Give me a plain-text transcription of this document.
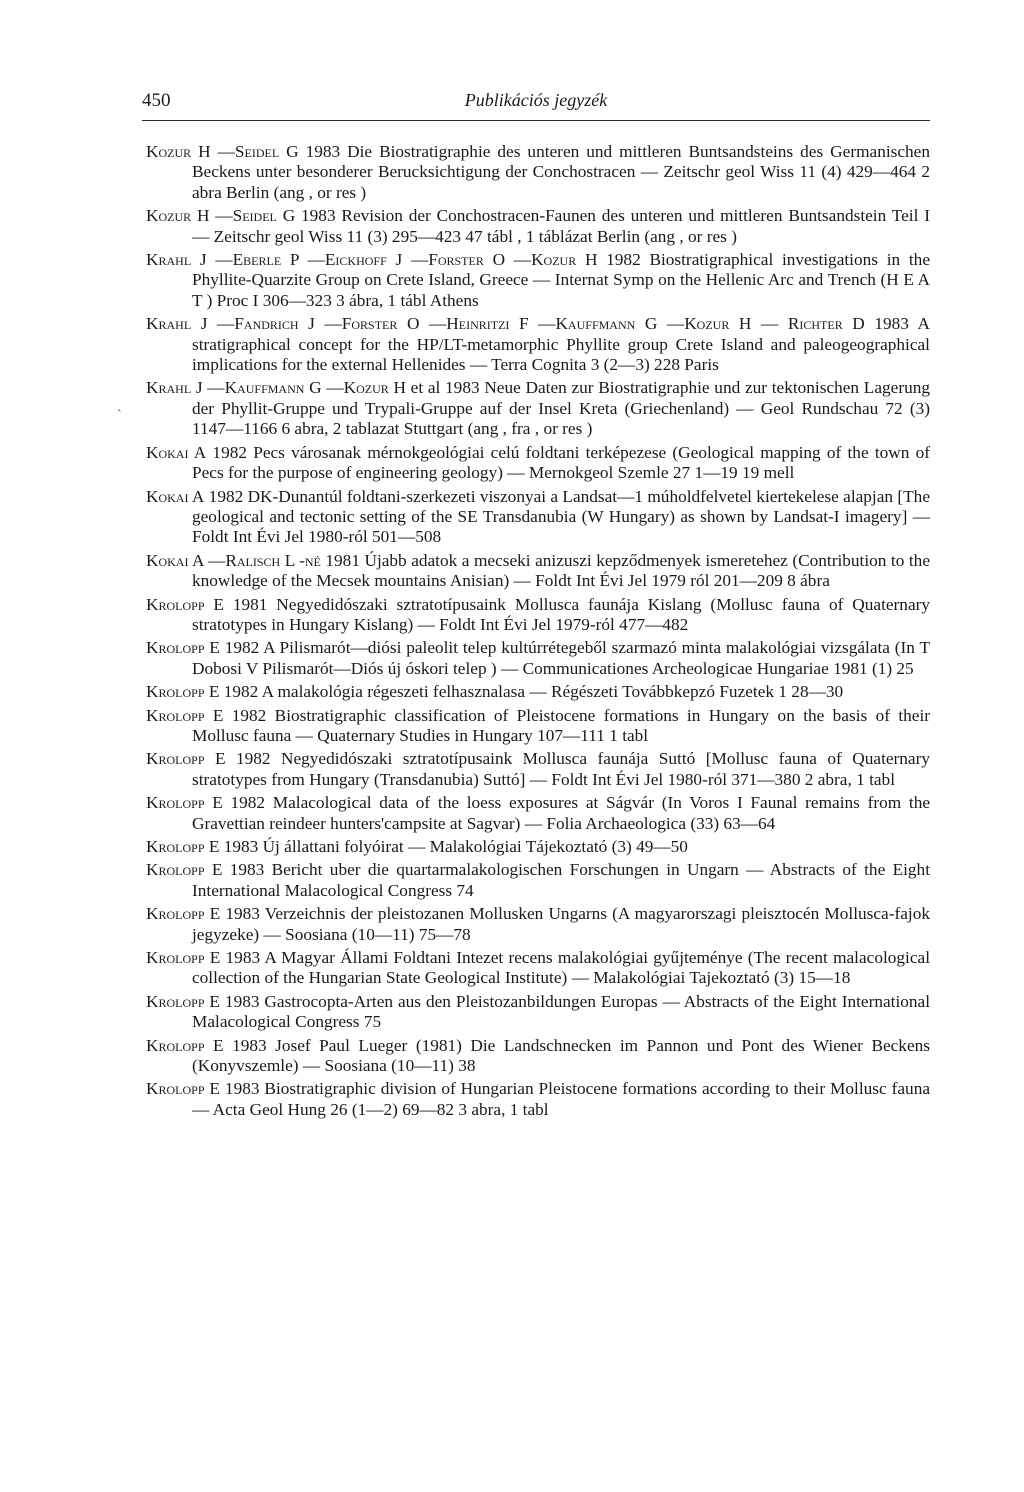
450	Publikációs jegyzék
`

Kozur H —Seidel G 1983 Die Biostratigraphie des unteren und mittleren Buntsandsteins des Germanischen Beckens unter besonderer Berucksichtigung der Conchostracen — Zeitschr geol Wiss 11 (4) 429—464 2 abra Berlin (ang , or res )

Kozur H —Seidel G 1983 Revision der Conchostracen-Faunen des unteren und mittleren Buntsandstein Teil I — Zeitschr geol Wiss 11 (3) 295—423 47 tábl , 1 táblázat Berlin (ang , or res )

Krahl J —Eberle P —Eickhoff J —Forster O —Kozur H 1982 Biostratigraphical investigations in the Phyllite-Quarzite Group on Crete Island, Greece — Internat Symp on the Hellenic Arc and Trench (H E A T ) Proc I 306—323 3 ábra, 1 tábl Athens

Krahl J —Fandrich J —Forster O —Heinritzi F —Kauffmann G —Kozur H — Richter D 1983 A stratigraphical concept for the HP/LT-metamorphic Phyllite group Crete Island and paleogeographical implications for the external Hellenides — Terra Cognita 3 (2—3) 228 Paris

Krahl J —Kauffmann G —Kozur H et al 1983 Neue Daten zur Biostratigraphie und zur tektonischen Lagerung der Phyllit-Gruppe und Trypali-Gruppe auf der Insel Kreta (Griechenland) — Geol Rundschau 72 (3) 1147—1166 6 abra, 2 tablazat Stuttgart (ang , fra , or res )

Kokai A 1982 Pecs városanak mérnokgeológiai celú foldtani terképezese (Geological mapping of the town of Pecs for the purpose of engineering geology) — Mernokgeol Szemle 27 1—19 19 mell

Kokai A 1982 DK-Dunantúl foldtani-szerkezeti viszonyai a Landsat—1 múholdfelvetel kiertekelese alapjan [The geological and tectonic setting of the SE Transdanubia (W Hungary) as shown by Landsat-I imagery] — Foldt Int Évi Jel 1980-ról 501—508

Kokai A —Ralisch L -né 1981 Újabb adatok a mecseki anizuszi kepződmenyek ismeretehez (Contribution to the knowledge of the Mecsek mountains Anisian) — Foldt Int Évi Jel 1979 ról 201—209 8 ábra

Krolopp E 1981 Negyedidószaki sztratotípusaink Mollusca faunája Kislang (Mollusc fauna of Quaternary stratotypes in Hungary Kislang) — Foldt Int Évi Jel 1979-ról 477—482

Krolopp E 1982 A Pilismarót—diósi paleolit telep kultúrrétegeből szarmazó minta malakológiai vizsgálata (In T Dobosi V Pilismarót—Diós új óskori telep ) — Communicationes Archeologicae Hungariae 1981 (1) 25

Krolopp E 1982 A malakológia régeszeti felhasznalasa — Régészeti Továbbkepzó Fuzetek 1 28—30

Krolopp E 1982 Biostratigraphic classification of Pleistocene formations in Hungary on the basis of their Mollusc fauna — Quaternary Studies in Hungary 107—111 1 tabl

Krolopp E 1982 Negyedidószaki sztratotípusaink Mollusca faunája Suttó [Mollusc fauna of Quaternary stratotypes from Hungary (Transdanubia) Suttó] — Foldt Int Évi Jel 1980-ról 371—380 2 abra, 1 tabl

Krolopp E 1982 Malacological data of the loess exposures at Ságvár (In Voros I Faunal remains from the Gravettian reindeer hunters'campsite at Sagvar) — Folia Archaeologica (33) 63—64

Krolopp E 1983 Új állattani folyóirat — Malakológiai Tájekoztató (3) 49—50

Krolopp E 1983 Bericht uber die quartarmalakologischen Forschungen in Ungarn — Abstracts of the Eight International Malacological Congress 74

Krolopp E 1983 Verzeichnis der pleistozanen Mollusken Ungarns (A magyarorszagi pleisztocén Mollusca-fajok jegyzeke) — Soosiana (10—11) 75—78

Krolopp E 1983 A Magyar Állami Foldtani Intezet recens malakológiai gyűjteménye (The recent malacological collection of the Hungarian State Geological Institute) — Malakológiai Tajekoztató (3) 15—18

Krolopp E 1983 Gastrocopta-Arten aus den Pleistozanbildungen Europas — Abstracts of the Eight International Malacological Congress 75

Krolopp E 1983 Josef Paul Lueger (1981) Die Landschnecken im Pannon und Pont des Wiener Beckens (Konyvszemle) — Soosiana (10—11) 38

Krolopp E 1983 Biostratigraphic division of Hungarian Pleistocene formations according to their Mollusc fauna — Acta Geol Hung 26 (1—2) 69—82 3 abra, 1 tabl
